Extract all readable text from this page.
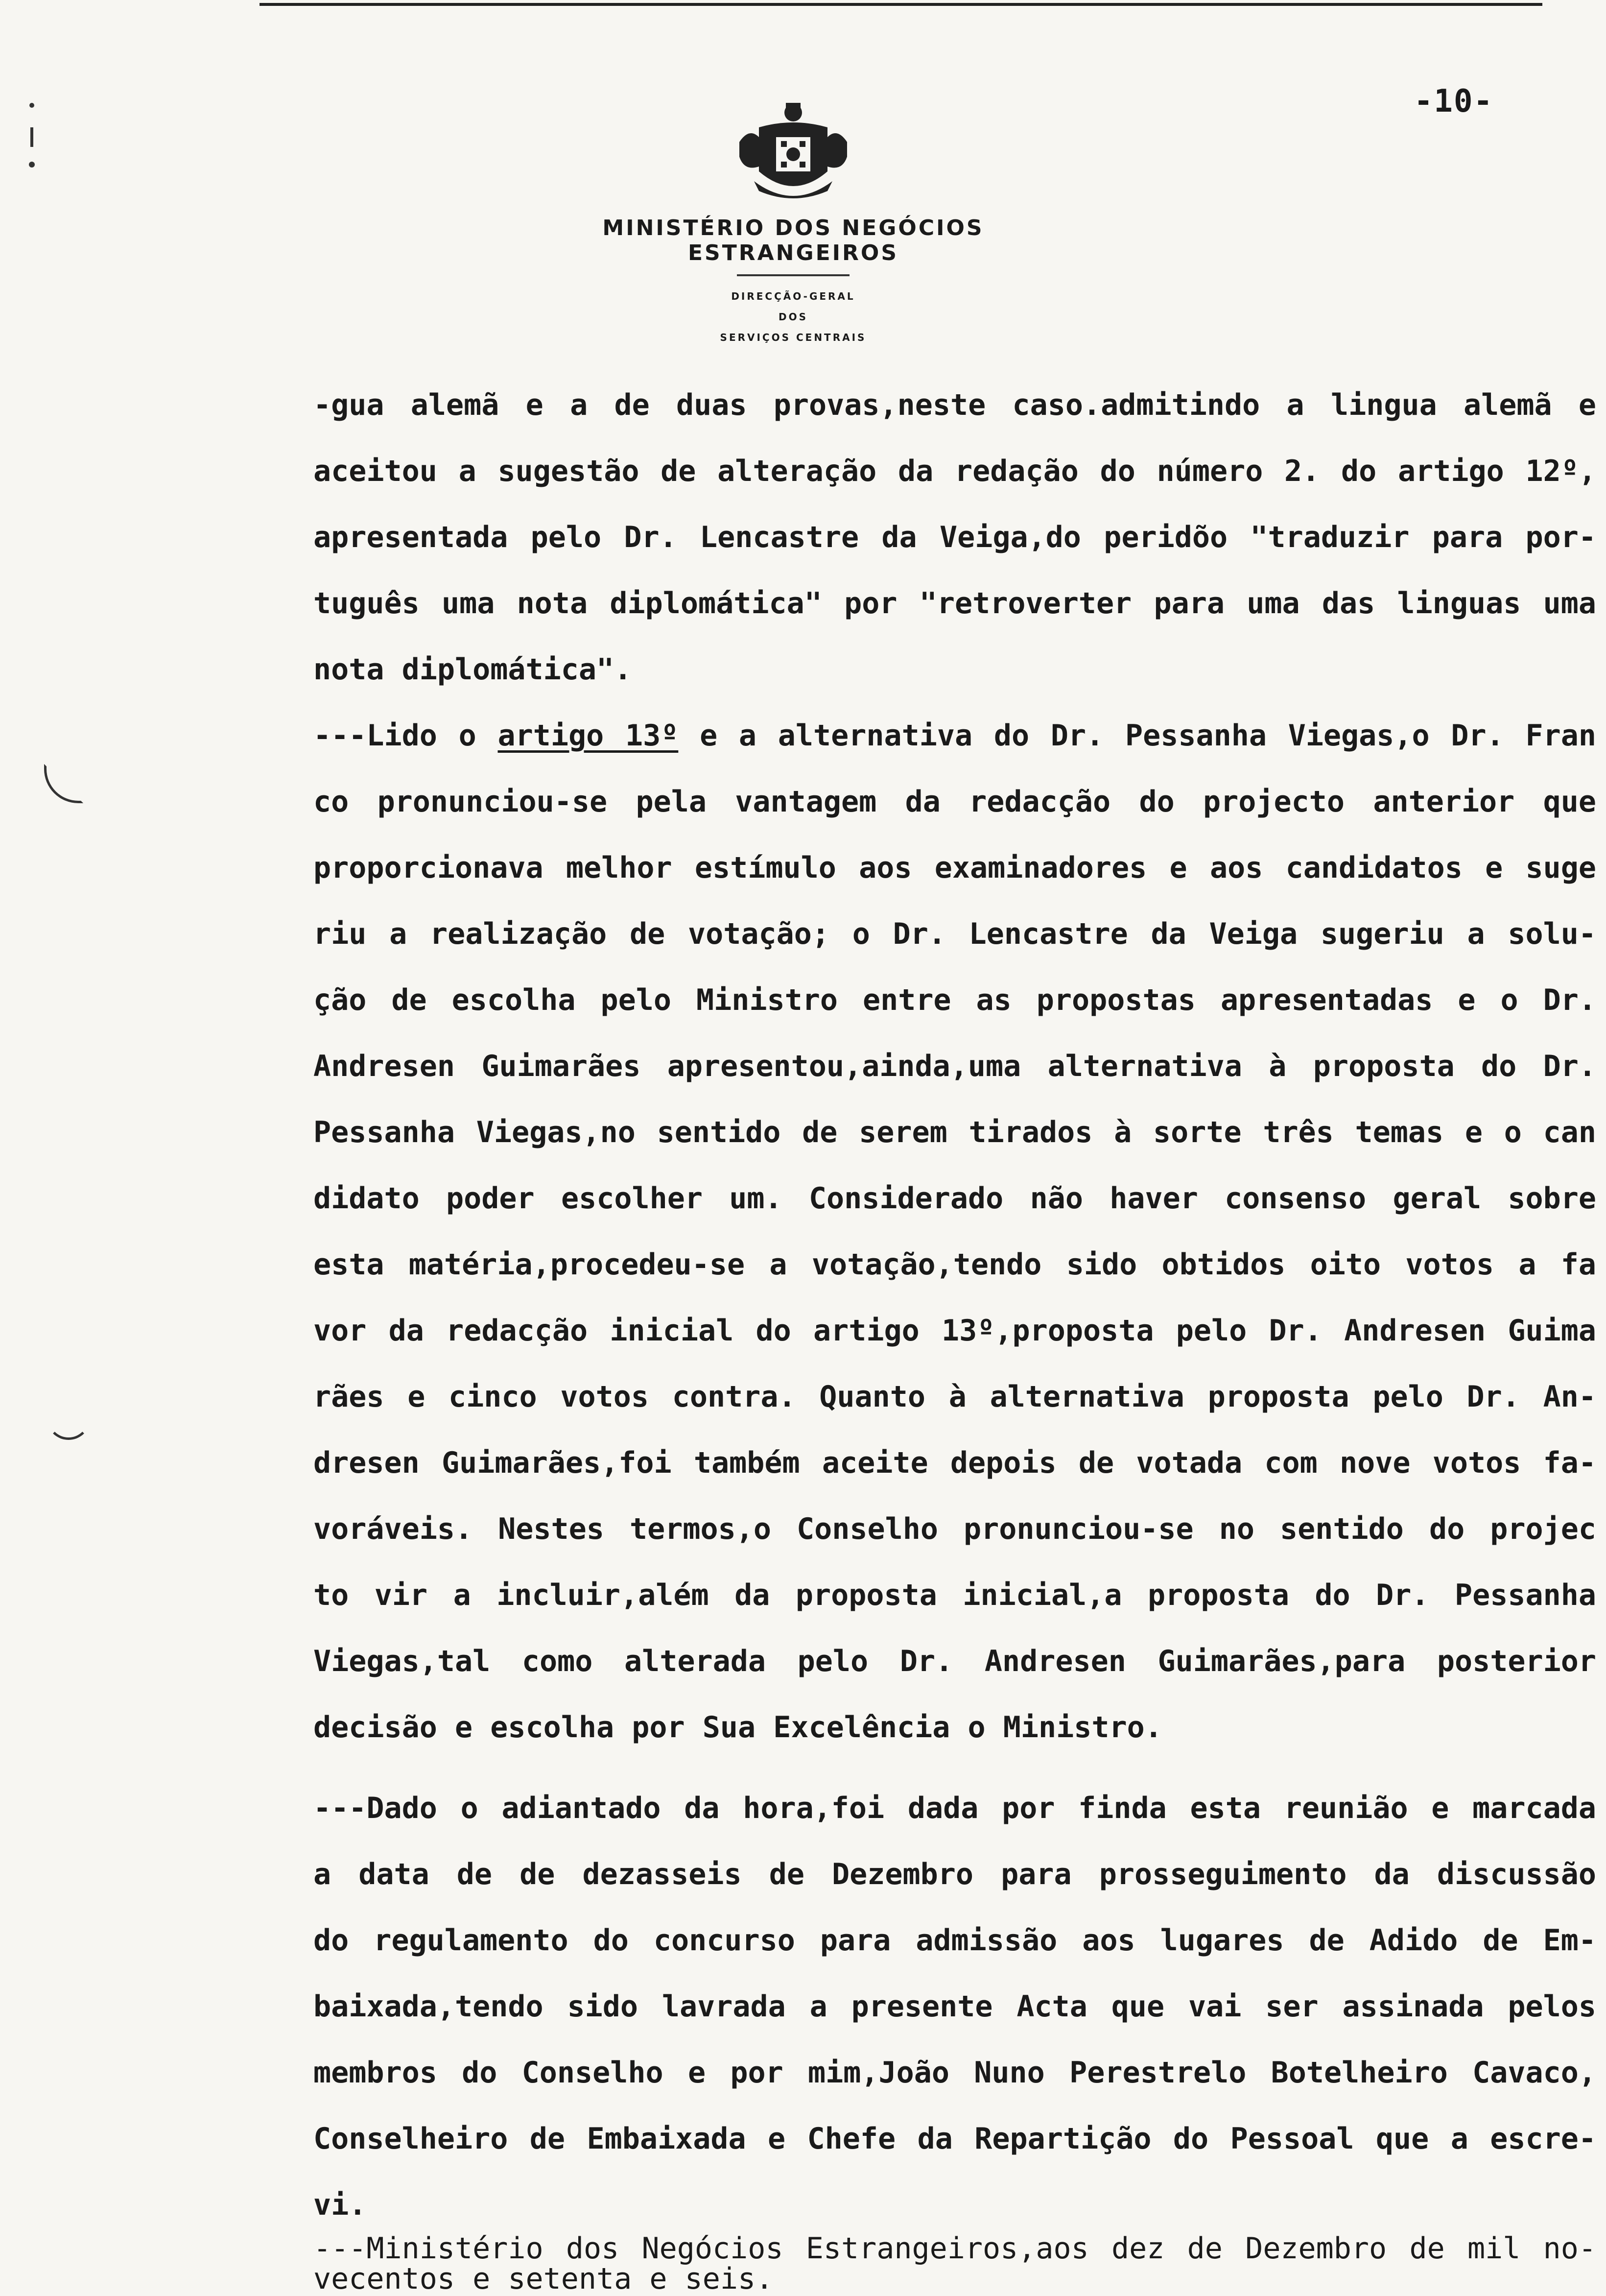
-10-
MINISTÉRIO DOS NEGÓCIOS ESTRANGEIROS
DIRECÇÃO-GERAL
DOS
SERVIÇOS CENTRAIS
-gua alemã e a de duas provas,neste caso.admitindo a lingua alemã e
aceitou a sugestão de alteração da redação do número 2. do artigo 12º,
apresentada pelo Dr. Lencastre da Veiga,do peridõo "traduzir para por-
tuguês uma nota diplomática" por "retroverter para uma das linguas uma
nota diplomática".
---Lido o artigo 13º e a alternativa do Dr. Pessanha Viegas,o Dr. Fran
co pronunciou-se pela vantagem da redacção do projecto anterior que
proporcionava melhor estímulo aos examinadores e aos candidatos e suge
riu a realização de votação; o Dr. Lencastre da Veiga sugeriu a solu-
ção de escolha pelo Ministro entre as propostas apresentadas e o Dr.
Andresen Guimarães apresentou,ainda,uma alternativa à proposta do Dr.
Pessanha Viegas,no sentido de serem tirados à sorte três temas e o can
didato poder escolher um. Considerado não haver consenso geral sobre
esta matéria,procedeu-se a votação,tendo sido obtidos oito votos a fa
vor da redacção inicial do artigo 13º,proposta pelo Dr. Andresen Guima
rães e cinco votos contra. Quanto à alternativa proposta pelo Dr. An-
dresen Guimarães,foi também aceite depois de votada com nove votos fa-
voráveis. Nestes termos,o Conselho pronunciou-se no sentido do projec
to vir a incluir,além da proposta inicial,a proposta do Dr. Pessanha
Viegas,tal como alterada pelo Dr. Andresen Guimarães,para posterior
decisão e escolha por Sua Excelência o Ministro.
---Dado o adiantado da hora,foi dada por finda esta reunião e marcada
a data de de dezasseis de Dezembro para prosseguimento da discussão
do regulamento do concurso para admissão aos lugares de Adido de Em-
baixada,tendo sido lavrada a presente Acta que vai ser assinada pelos
membros do Conselho e por mim,João Nuno Perestrelo Botelheiro Cavaco,
Conselheiro de Embaixada e Chefe da Repartição do Pessoal que a escre-
vi.
---Ministério dos Negócios Estrangeiros,aos dez de Dezembro de mil no-
vecentos e setenta e seis.
